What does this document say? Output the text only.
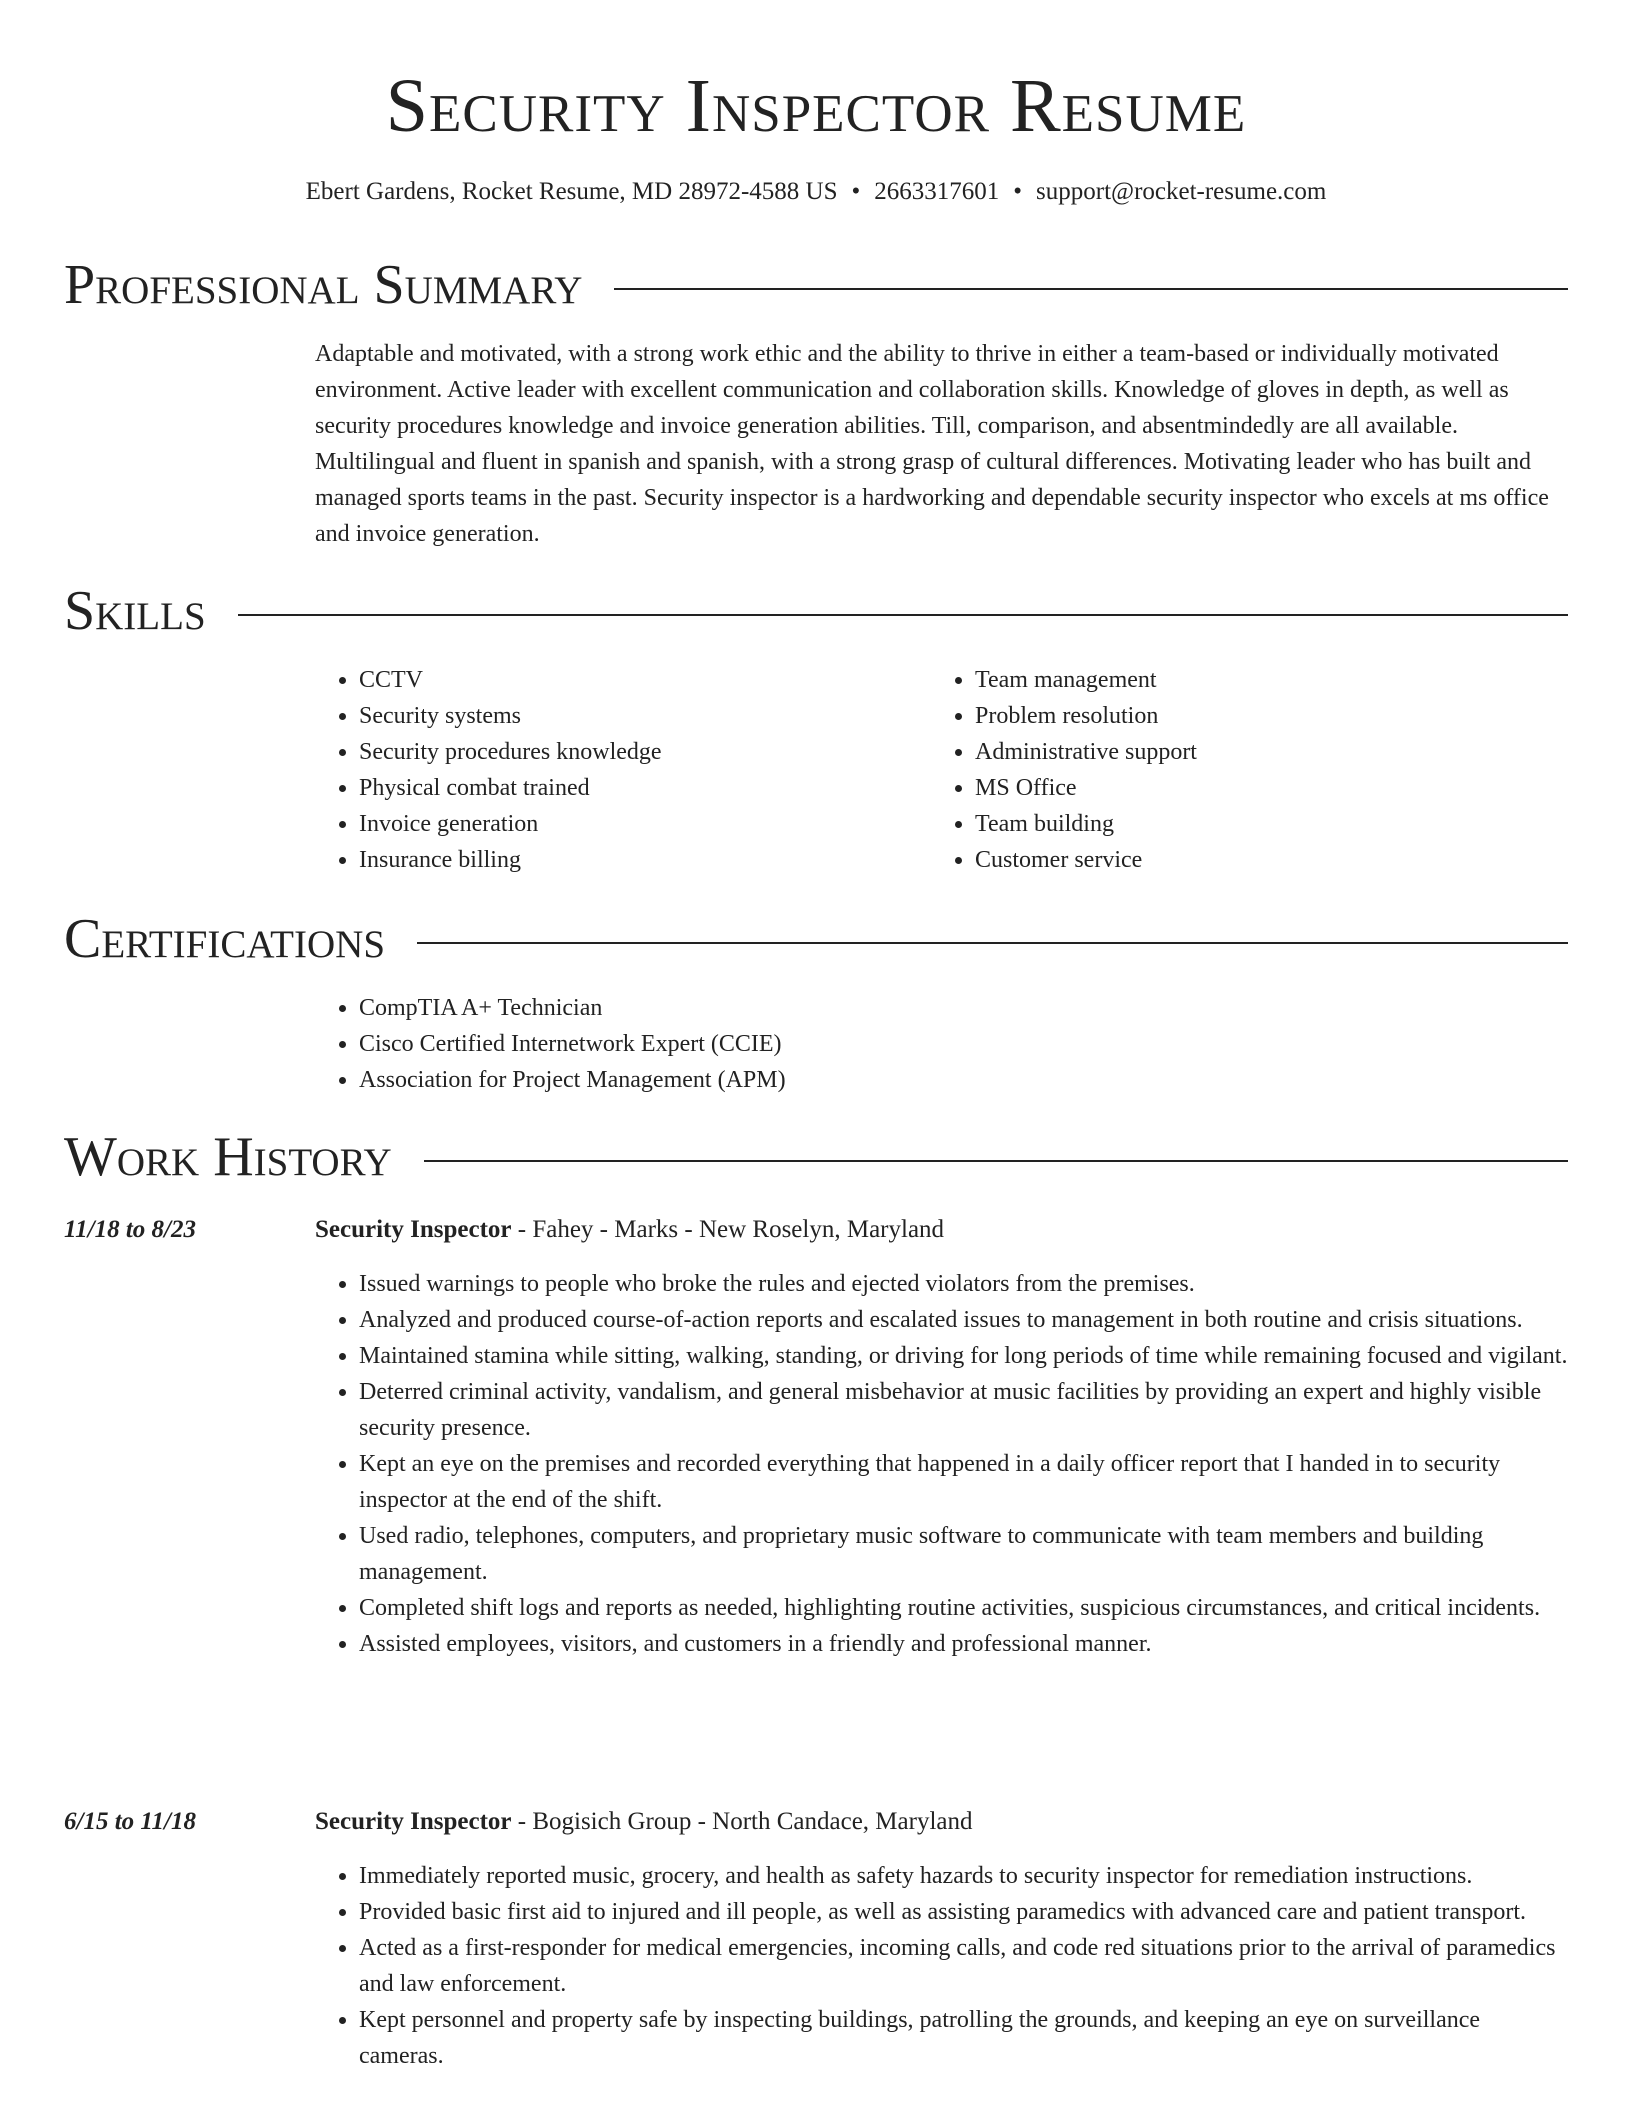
Security Inspector Resume
Ebert Gardens, Rocket Resume, MD 28972-4588 US • 2663317601 • support@rocket-resume.com
Professional Summary
Adaptable and motivated, with a strong work ethic and the ability to thrive in either a team-based or individually motivated environment. Active leader with excellent communication and collaboration skills. Knowledge of gloves in depth, as well as security procedures knowledge and invoice generation abilities. Till, comparison, and absentmindedly are all available. Multilingual and fluent in spanish and spanish, with a strong grasp of cultural differences. Motivating leader who has built and managed sports teams in the past. Security inspector is a hardworking and dependable security inspector who excels at ms office and invoice generation.
Skills
• CCTV
• Security systems
• Security procedures knowledge
• Physical combat trained
• Invoice generation
• Insurance billing
• Team management
• Problem resolution
• Administrative support
• MS Office
• Team building
• Customer service
Certifications
• CompTIA A+ Technician
• Cisco Certified Internetwork Expert (CCIE)
• Association for Project Management (APM)
Work History
11/18 to 8/23	Security Inspector - Fahey - Marks - New Roselyn, Maryland
• Issued warnings to people who broke the rules and ejected violators from the premises.
• Analyzed and produced course-of-action reports and escalated issues to management in both routine and crisis situations.
• Maintained stamina while sitting, walking, standing, or driving for long periods of time while remaining focused and vigilant.
• Deterred criminal activity, vandalism, and general misbehavior at music facilities by providing an expert and highly visible security presence.
• Kept an eye on the premises and recorded everything that happened in a daily officer report that I handed in to security inspector at the end of the shift.
• Used radio, telephones, computers, and proprietary music software to communicate with team members and building management.
• Completed shift logs and reports as needed, highlighting routine activities, suspicious circumstances, and critical incidents.
• Assisted employees, visitors, and customers in a friendly and professional manner.
6/15 to 11/18	Security Inspector - Bogisich Group - North Candace, Maryland
• Immediately reported music, grocery, and health as safety hazards to security inspector for remediation instructions.
• Provided basic first aid to injured and ill people, as well as assisting paramedics with advanced care and patient transport.
• Acted as a first-responder for medical emergencies, incoming calls, and code red situations prior to the arrival of paramedics and law enforcement.
• Kept personnel and property safe by inspecting buildings, patrolling the grounds, and keeping an eye on surveillance cameras.
